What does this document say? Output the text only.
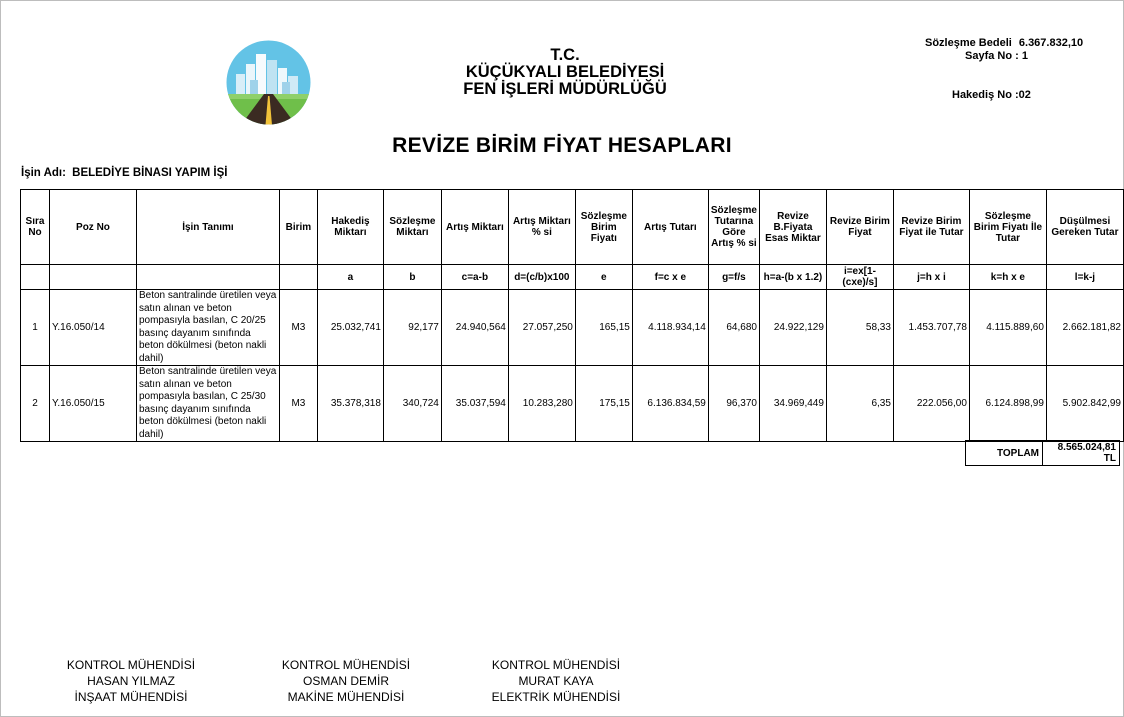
T.C.
KÜÇÜKYALI BELEDİYESİ
FEN İŞLERİ MÜDÜRLÜĞÜ
Sözleşme Bedeli 6.367.832,10
Sayfa No : 1
Hakediş No :02
REVİZE BİRİM FİYAT HESAPLARI
İşin Adı: BELEDİYE BİNASI YAPIM İŞİ
Sıra No	Poz No	İşin Tanımı	Birim	Hakediş Miktarı	Sözleşme Miktarı	Artış Miktarı	Artış Miktarı % si	Sözleşme Birim Fiyatı	Artış Tutarı	Sözleşme Tutarına Göre Artış % si	Revize B.Fiyata Esas Miktar	Revize Birim Fiyat	Revize Birim Fiyat ile Tutar	Sözleşme Birim Fiyatı İle Tutar	Düşülmesi Gereken Tutar
				a	b	c=a-b	d=(c/b)x100	e	f=c x e	g=f/s	h=a-(b x 1.2)	i=ex[1-(cxe)/s]	j=h x i	k=h x e	l=k-j
1	Y.16.050/14	Beton santralinde üretilen veya satın alınan ve beton pompasıyla basılan, C 20/25 basınç dayanım sınıfında beton dökülmesi (beton nakli dahil)	M3	25.032,741	92,177	24.940,564	27.057,250	165,15	4.118.934,14	64,680	24.922,129	58,33	1.453.707,78	4.115.889,60	2.662.181,82
2	Y.16.050/15	Beton santralinde üretilen veya satın alınan ve beton pompasıyla basılan, C 25/30 basınç dayanım sınıfında beton dökülmesi (beton nakli dahil)	M3	35.378,318	340,724	35.037,594	10.283,280	175,15	6.136.834,59	96,370	34.969,449	6,35	222.056,00	6.124.898,99	5.902.842,99
TOPLAM	8.565.024,81 TL
KONTROL MÜHENDİSİ
HASAN YILMAZ
İNŞAAT MÜHENDİSİ
KONTROL MÜHENDİSİ
OSMAN DEMİR
MAKİNE MÜHENDİSİ
KONTROL MÜHENDİSİ
MURAT KAYA
ELEKTRİK MÜHENDİSİ
